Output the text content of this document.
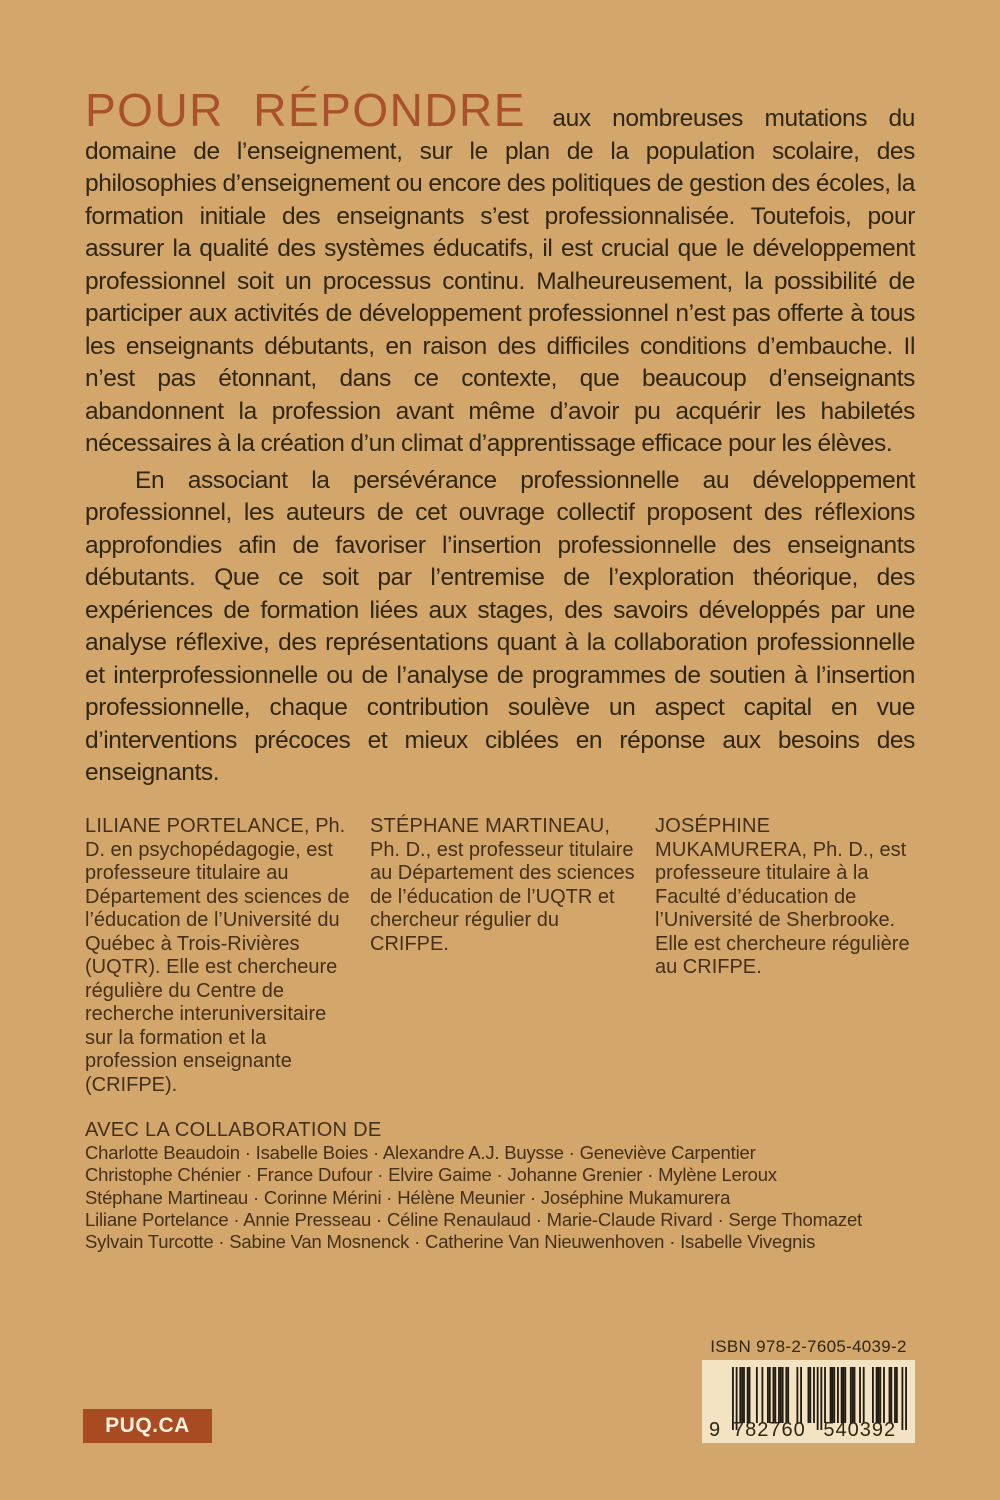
POUR RÉPONDRE aux nombreuses mutations du domaine de l’enseignement, sur le plan de la population scolaire, des philosophies d’enseignement ou encore des politiques de gestion des écoles, la formation initiale des enseignants s’est professionnalisée. Toutefois, pour assurer la qualité des systèmes éducatifs, il est crucial que le développement professionnel soit un processus continu. Malheureusement, la possibilité de participer aux activités de développement professionnel n’est pas offerte à tous les enseignants débutants, en raison des difficiles conditions d’embauche. Il n’est pas étonnant, dans ce contexte, que beaucoup d’enseignants abandonnent la profession avant même d’avoir pu acquérir les habiletés nécessaires à la création d’un climat d’apprentissage efficace pour les élèves.

En associant la persévérance professionnelle au développement professionnel, les auteurs de cet ouvrage collectif proposent des réflexions approfondies afin de favoriser l’insertion professionnelle des enseignants débutants. Que ce soit par l’entremise de l’exploration théorique, des expériences de formation liées aux stages, des savoirs développés par une analyse réflexive, des représentations quant à la collaboration professionnelle et interprofessionnelle ou de l’analyse de programmes de soutien à l’insertion professionnelle, chaque contribution soulève un aspect capital en vue d’interventions précoces et mieux ciblées en réponse aux besoins des enseignants.

LILIANE PORTELANCE, Ph. D. en psychopédagogie, est professeure titulaire au Département des sciences de l’éducation de l’Université du Québec à Trois-Rivières (UQTR). Elle est chercheure régulière du Centre de recherche interuniversitaire sur la formation et la profession enseignante (CRIFPE).

STÉPHANE MARTINEAU, Ph. D., est professeur titulaire au Département des sciences de l’éducation de l’UQTR et chercheur régulier du CRIFPE.

JOSÉPHINE MUKAMURERA, Ph. D., est professeure titulaire à la Faculté d’éducation de l’Université de Sherbrooke. Elle est chercheure régulière au CRIFPE.

AVEC LA COLLABORATION DE
Charlotte Beaudoin · Isabelle Boies · Alexandre A.J. Buysse · Geneviève Carpentier
Christophe Chénier · France Dufour · Elvire Gaime · Johanne Grenier · Mylène Leroux
Stéphane Martineau · Corinne Mérini · Hélène Meunier · Joséphine Mukamurera
Liliane Portelance · Annie Presseau · Céline Renaulaud · Marie-Claude Rivard · Serge Thomazet
Sylvain Turcotte · Sabine Van Mosnenck · Catherine Van Nieuwenhoven · Isabelle Vivegnis
PUQ.CA
ISBN 978-2-7605-4039-2
9 782760 540392
